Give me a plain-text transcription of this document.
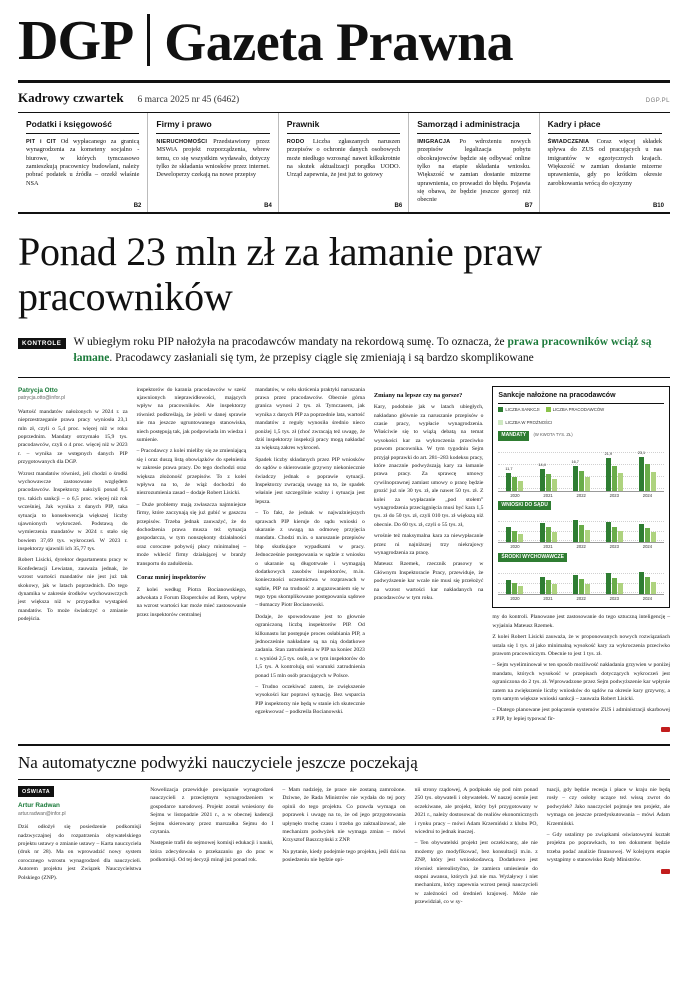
DGP Gazeta Prawna
Kadrowy czwartek 6 marca 2025 nr 45 (6462)	DGP.PL
Podatki i księgowość

PIT i CIT Od wypłacanego za granicą wynagrodzenia za kometeny socjalno - biurowe, w których tymczasowo zamieszkują pracownicy budowlani, należy pobrać podatek u źródła – orzekł właśnie NSA

B2
Firmy i prawo

NIERUCHOMOŚCI Przedstawiony przez MSWiA projekt rozporządzenia, wbrew temu, co się wszystkim wydawało, dotyczy tylko że składania wniosków przez internet. Deweloperzy czekają na nowe przepisy

B4
Prawnik

RODO Liczba zgłaszanych naruszen przepisów o ochronie danych osobowych może niedługo wzrosnąć nawet kilkukrotnie na skutek aktualizacji porądka UODO. Urząd zapewnia, że jest już to gotowy

B6
Samorząd i administracja

IMIGRACJA Po wdrożeniu nowych przepisów legalizacja pobytu obcokrajowców będzie się odbywać online tylko na etapie składania wniosku. Większоść w zamian dostanie mizerne uprawnienia, co prowadzi do błędu. Pojawia się obawa, że będzie jeszcze gorzej niż obecnie

B7
Kadry i płace

ŚWIADCZENIA Coraz więcej składek spływa do ZUS od pracujących u nas imigrantów w egzotycznych krajach. Większość w zamian dostanie mizerne uprawnienia, gdy po krótkim okresie zarobkowania wrócą do ojczyzny

B10
Ponad 23 mln zł za łamanie praw pracowników
KONTROLE	W ubiegłym roku PIP nałożyła na pracodawców mandaty na rekordową sumę. To oznacza, że prawa pracowników wciąż są łamane. Pracodawcy zasłaniali się tym, że przepisy ciągle się zmieniają i są bardzo skomplikowane

Patrycja Otto
patrycja.otto@infor.pl

Wartość mandatów nałożonych w 2024 r. za nieprzestrzeganie prawa pracy wyniosła 23,1 mln zł, czyli o 5,4 proc. więcej niż w roku poprzednim. Mandaty otrzymało 15,9 tys. pracodawców, czyli o 4 proc. więcej niż w 2023 r. – wynika ze wstępnych danych PIP przygotowanych dla DGP.

Wzrost mandatów również, jeli chodzi o środki wychowawcze zastosowane względem pracodawców. Inspektorzy nałożyli ponad 8,5 tys. takich sankcji – o 6,5 proc. więcej niż rok wcześniej, Jak wynika z danych PIP, taka sytuacja to konsekwencja większej liczby ujawnionych wykroczeń. Podstawą do wymierzenia mandatów w 2024 r. stało się bowiem 37,69 tys. wykroczeń. W 2023 r. inspektorzy ujawnili ich 35,77 tys.

Robert Lisicki, dyrektor departamentu pracy w Konfederacji Lewiatan, zauważa jednak, że wzrost wartości mandatów nie jest już tak skokowy, jak w latach poprzednich. Do tego dynamika w zakresie środków wychowawczych jest większa niż w przypadku wystąpień mandatów. To może świadczyć o zmianie podejścia.

inspektorów do karania pracodawców w sześć ujawnionych nieprawidłowości, mających wpływ na pracowników. Ale inspektorzy również podkreślają, że jeżeli w danej sprawie nie ma jeszcze ugruntowanego stanowiska, niech postępują tak, jak podpowiada im wiedza i sumienie.

– Pracodawcy z kolei mieliby się ze zmieniającą się i oraz duszą listą obowiązków do spełnienia w zakresie prawa pracy. Do tego dochodzi oraz większa złożoność przepisów. To z kolei wpływa na to, że wiąż dochodzi do niezrozumienia zasad – dodaje Robert Lisicki.

– Duże problemy mają zwłaszcza najmniejsze firmy, które zaczynają się już gubić w gaszczu przepisów. Trzeba jednak zauważyć, że do dochodzenia prawa musza też sytuacja gospodarcza, w tym nonszękonty działalności oraz coroczнe pobywój płacy minimalnej – może wklecić firmy działającej w branży transportu do zadułżenia.

Coraz mniej inspektorów

Z kolei według Piotra Bocianowskiego, adwokata z Forum Ekspercków ad Rem, wpływ na wzrost wartości kar może mieć zastosowanie przez inspektorów centralnej

mandatów, w celu skrócenia praktyki naruszania prawa przez pracodawców. Obecnie górna granica wynosi 2 tys. zł. Tymczasem, jak wynika z danych PIP za poprzednie lata, wartość mandatów z reguły wynosiła średnio nieco poniżej 1,5 tys. zł (choć zwracają też uwagę, że dziś inspektorzy inspekcji pracy mogą nakładać za większą zakres wykroceń.

Spadek liczby składanych przez PIP wniosków do sądów o skierowanie grzywny niekoniecznie świadczy jednak o poprawie sytuacji. Inspektorzy zwracają uwagę na to, że spadek właśnie jest szczególnie ważny i sytuacja jest lepsza.

– To fakt, że jednak w najważniejszych sprawach PIP kieruje do sądu wnioski o ukaranie z uwagą na odmowę przyjęcia mandatu. Chodzi m.in. o naruszanie przepisów bhp skutkujące wypadkami w pracy. Jednocześnie postępowania w sądzie z wniosku o ukaranie są długotrwałe i wymagają dodatkowych zasobów inspektorów, m.in. konieczności uczestnictwa w rozprawach w sądzie, PIP na trudność z angazowaniem się w tego typu skomplikowane postępowania sądowe – tłumaczy Piotr Bocianowski.

Dodaje, że spowodowane jest to głownie ograniczoną liczbą inspektorów PIP. Od kilkunastu lat postępuje proces osłabiania PIP, a jednocześnie nakładane są na nią dodatkowe zadania. Stan zatrudnienia w PIP na koniec 2023 r. wyniósł 2,5 tys. osób, a w tym inspektorów do 1,5 tys. A kontrolują oni warunki zatrudnienia ponad 15 mln osób pracujących w Polsce.

– Trudno oczekiwać zatem, że zwiększenie wysokości kar poprawi sytuację. Bez wsparcia PIP inspektorzy nie będą w stanie ich skutecznie egzekwować – podkreśla Bocianowski.

Zmiany na lepsze czy na gorsze?

Kary, podobnie jak w latach ubiegłych, nakładano głównie za naruszanie przepisów o czasie pracy, wypłacie wynagrodzenia. Właściwie się to wiążą debatą na temat wysokości kar za wykroczenia przeciwko prawom pracownika. W tym tygodniu Sejm przyjął poprawki do art. 281–283 kodeksu pracy, które znacznie podwyższają kary za łamanie prawa pracy. Za sprawcę umowy cywilnoprawnej zamiast umowy o pracę będzie grozić już nie 30 tys. zł, ale nawet 50 tys. zł. Z kolei za wypłacanie „pod stołem” wynagrodzenia przeciągnięcia musi być kara 1,5 tys. zł do 50 tys. zł, czyli 010 tys. zł większą niż obecnie. Do 60 tys. zł, czyli o 55 tys. zł,

wrośnie też maksymalna kara za niewypłacanie przez ni najniższej trzy niekrajowy wynagrodzenia za pracę.

Mateusz Rzemek, rzecznik prasowy w Głównym Inspektoracie Pracy, przewiduje, że podwyższenie kar wcale nie musi się przełożyć na wzrost wartości kar nakładanych na pracodawców w tym roku.

Sankcje nałożone na pracodawców
LICZBA SANKCJI	LICZBA PRACODAWCÓW
LICZBA W PROŻNOŚCI
MANDATY (W KWOTA TYS. ZŁ)
11,7
14,4
16,7
21,9	23,1
2020	2021	2022	2023	2024
WNIOSKI DO SĄDU
2020	2021	2022	2023	2024
ŚRODKI WYCHOWAWCZE
2020	2021	2022	2023	2024

my do kontroli. Planowane jest zastosowanie do tego sztuczną inteligencję – wyjaśnia Mateusz Rzemek.

Z kolei Robert Lisicki zauważa, że w proponowanych nowych rozwiązańach ustala się 1 tys. zł jako minimalną wysokość kary za wykroczenia przeciwko prawom pracowniczym. Obecnie to jest 1 tys. zł.

– Sejm wyeliminował w ten sposób możliwość nakładania grzywien w poniżej mandatu, których wysokość w przepisach dotyczących wykroczeń jest ograniczona do 2 tys. zł. Wprowadzone przez Sejm podwyższenie kar wpłynie zatem na zwiększenie liczby wniosków do sądów na okresie kary grzywny, a tym samym większe wnioski sankcji – zauważa Robert Lisicki.

– Dlatego planowane jest połączenie systemów ZUS i administracji skarbowej z PIP, by lepiej typować fir-

Na automatyczne podwyżki nauczyciele jeszcze poczekają
OŚWIATA
Artur Radwan
artur.radwan@infor.pl

Dziś odłożył się posiedzenie podkomisji nadzwyczajnej do rozpatrzenia obywatelskiego projektu ustawy o zmianie ustawy – Karta nauczyciela (druk nr 28). Ma on wprowadzić nowy system corocznego wzrostu wynagrodzeń dla nauczycieli. Autorem projektu jest Związek Nauczycielstwa Polskiego (ZNP).

Nowelizacja przewiduje powiązanie wynagrodzeń nauczycieli z przeciętnym wynagrodzeniem w gospodarce narodowej. Projekt został wniesiony do Sejmu w listopadzie 2021 r., a w obecnej kadencji Sejmu skierowany przez marszałka Sejmu do I czytania.

Następnie trafił do sejmowej komisji edukacji i nauki, która zdecydowała o przekazaniu go do prac w podkomisji. Od tej decyzji minął już ponad rok.

– Mam nadzieję, że prace nie zostaną zamrożone. Dziwne, że Rada Ministrów nie wydała do tej pory opinii do tego projektu. Co prawda wymaga on poprawek i uwagę na to, że od jego przygotowania upłynęło trochę czasu i trzeba go zaktualizować, ale mechanizm podwyżek nie wymaga zmian – mówi Krzysztof Baszczyński z ZNP.

Na pytanie, kiedy podejmie tego projektu, jeśli dziś na posiedzeniu nie będzie opi-

nii strony rządowej, A podpisało się pod nim ponad 250 tys. obywateli i obywatelek. W naszej ocenie jest oczekiwane, ale projekt, który był przygotowany w 2021 r., należy dostosować do realiów ekonomicznych i rynku pracy – mówi Adam Krzemiński z klubu PO, wicedrui to jednak inaczej.

– Ten obywatelski projekt jest oczekiwany, ale nie możemy go modyfikować, bez konsultacji m.in. z ZNP, który jest wnioskodawcą. Dodatkowo jest również nierealistyčno, że zamiera umiesienie do stopni awansu, których już nie ma. Wyżaływy i niet mechanizm, który zapewnia wzrost pensji nauczycieli w zależności od średnień krajowej. Móże nie przewidział, co w sy-

tuacji, gdy będzie recesja i płace w kraju nie będą rosły – czy osłoby uczące też wissą zwrot do podwyżek? Jako nauczyciel pojmuje ten projekt, ale wymaga on jeszcze przedyskutowania – mówi Adam Krzemiński.

– Gdy ustalimy po związkami oświatowymi kształt projektu po poprawkach, to ten dokument będzie trzeba podać analizie finansowej. W kolejnym etapie wystąpimy o stanowisko Rady Ministrów.
